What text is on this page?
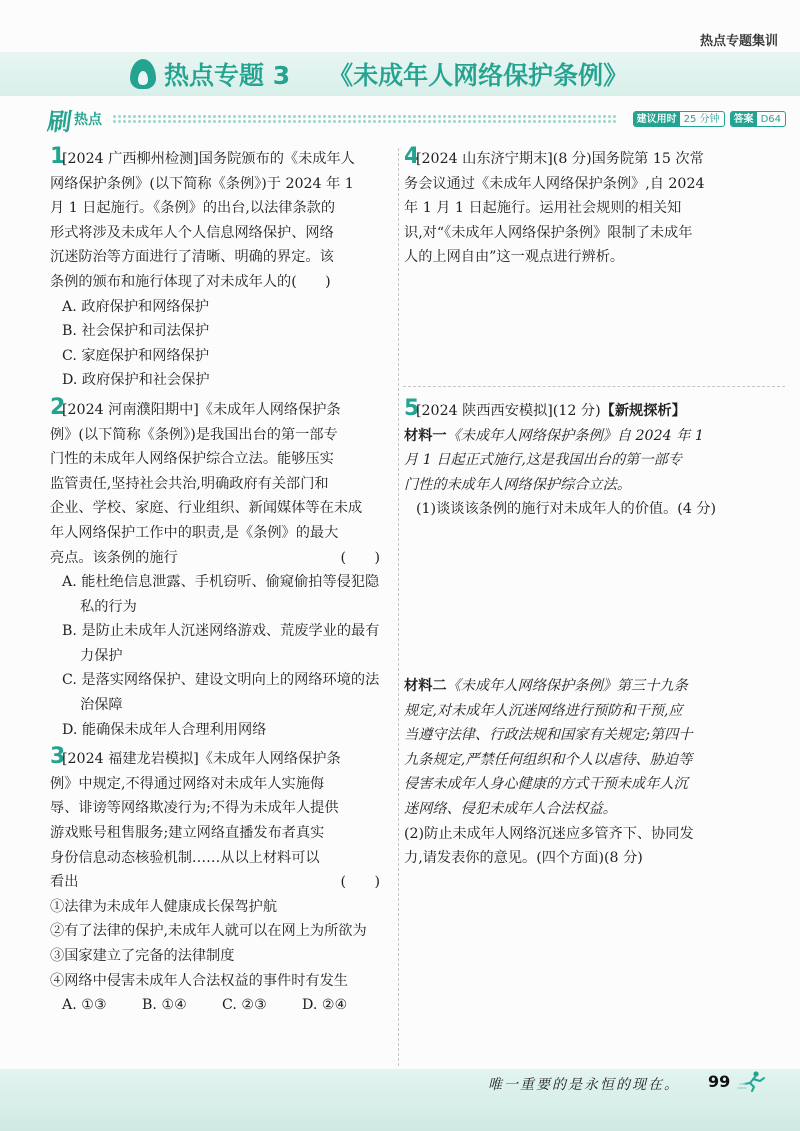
热点专题集训
热点专题 3 《未成年人网络保护条例》
刷 热点	建议用时 25 分钟	答案 D64
1[2024 广西柳州检测]国务院颁布的《未成年人
网络保护条例》(以下简称《条例》)于 2024 年 1
月 1 日起施行。《条例》的出台,以法律条款的
形式将涉及未成年人个人信息网络保护、网络
沉迷防治等方面进行了清晰、明确的界定。该
条例的颁布和施行体现了对未成年人的(　　)
A. 政府保护和网络保护
B. 社会保护和司法保护
C. 家庭保护和网络保护
D. 政府保护和社会保护
2[2024 河南濮阳期中]《未成年人网络保护条
例》(以下简称《条例》)是我国出台的第一部专
门性的未成年人网络保护综合立法。能够压实
监管责任,坚持社会共治,明确政府有关部门和
企业、学校、家庭、行业组织、新闻媒体等在未成
年人网络保护工作中的职责,是《条例》的最大
亮点。该条例的施行	(　　)
A. 能杜绝信息泄露、手机窃听、偷窥偷拍等侵犯隐私的行为
B. 是防止未成年人沉迷网络游戏、荒废学业的最有力保护
C. 是落实网络保护、建设文明向上的网络环境的法治保障
D. 能确保未成年人合理利用网络
3[2024 福建龙岩模拟]《未成年人网络保护条
例》中规定,不得通过网络对未成年人实施侮
辱、诽谤等网络欺凌行为;不得为未成年人提供
游戏账号租售服务;建立网络直播发布者真实
身份信息动态核验机制……从以上材料可以
看出	(　　)
①法律为未成年人健康成长保驾护航
②有了法律的保护,未成年人就可以在网上为所欲为
③国家建立了完备的法律制度
④网络中侵害未成年人合法权益的事件时有发生
A. ①③	B. ①④	C. ②③	D. ②④
4[2024 山东济宁期末](8 分)国务院第 15 次常
务会议通过《未成年人网络保护条例》,自 2024
年 1 月 1 日起施行。运用社会规则的相关知
识,对“《未成年人网络保护条例》限制了未成年
人的上网自由”这一观点进行辨析。
5[2024 陕西西安模拟](12 分)【新规探析】
材料一《未成年人网络保护条例》自 2024 年 1
月 1 日起正式施行,这是我国出台的第一部专
门性的未成年人网络保护综合立法。
(1)谈谈该条例的施行对未成年人的价值。(4 分)
材料二《未成年人网络保护条例》第三十九条
规定,对未成年人沉迷网络进行预防和干预,应
当遵守法律、行政法规和国家有关规定;第四十
九条规定,严禁任何组织和个人以虐待、胁迫等
侵害未成年人身心健康的方式干预未成年人沉
迷网络、侵犯未成年人合法权益。
(2)防止未成年人网络沉迷应多管齐下、协同发
力,请发表你的意见。(四个方面)(8 分)
唯一重要的是永恒的现在。 99
